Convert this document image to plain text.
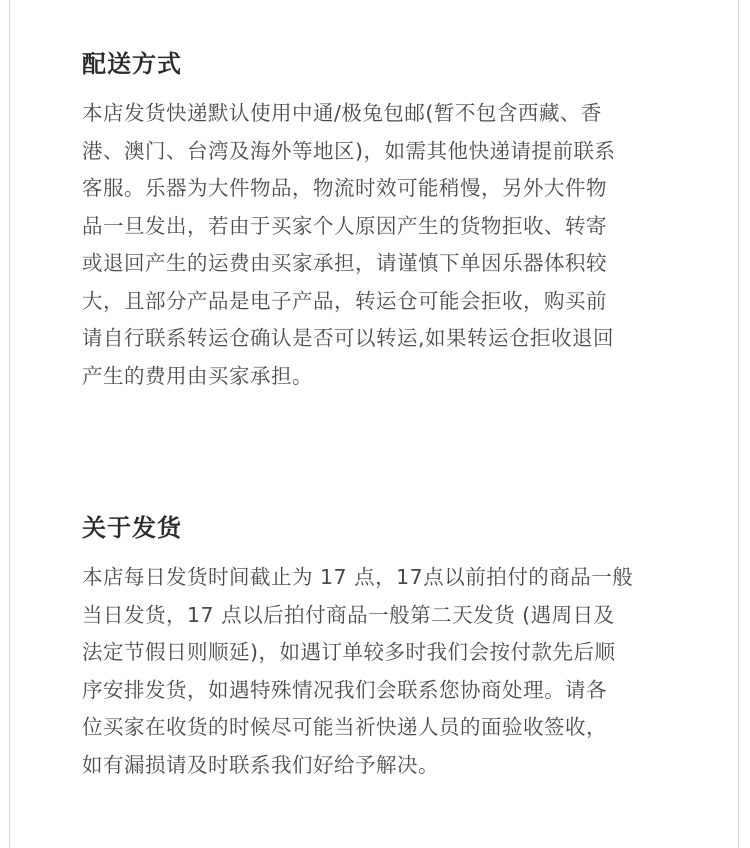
配送方式

本店发货快递默认使用中通/极兔包邮(暂不包含西藏、香
港、澳门、台湾及海外等地区)，如需其他快递请提前联系
客服。乐器为大件物品，物流时效可能稍慢，另外大件物
品一旦发出，若由于买家个人原因产生的货物拒收、转寄
或退回产生的运费由买家承担，请谨慎下单因乐器体积较
大，且部分产品是电子产品，转运仓可能会拒收，购买前
请自行联系转运仓确认是否可以转运,如果转运仓拒收退回
产生的费用由买家承担。

关于发货

本店每日发货时间截止为 17 点，17点以前拍付的商品一般
当日发货，17 点以后拍付商品一般第二天发货 (遇周日及
法定节假日则顺延)，如遇订单较多时我们会按付款先后顺
序安排发货，如遇特殊情况我们会联系您协商处理。请各
位买家在收货的时候尽可能当祈快递人员的面验收签收，
如有漏损请及时联系我们好给予解决。
